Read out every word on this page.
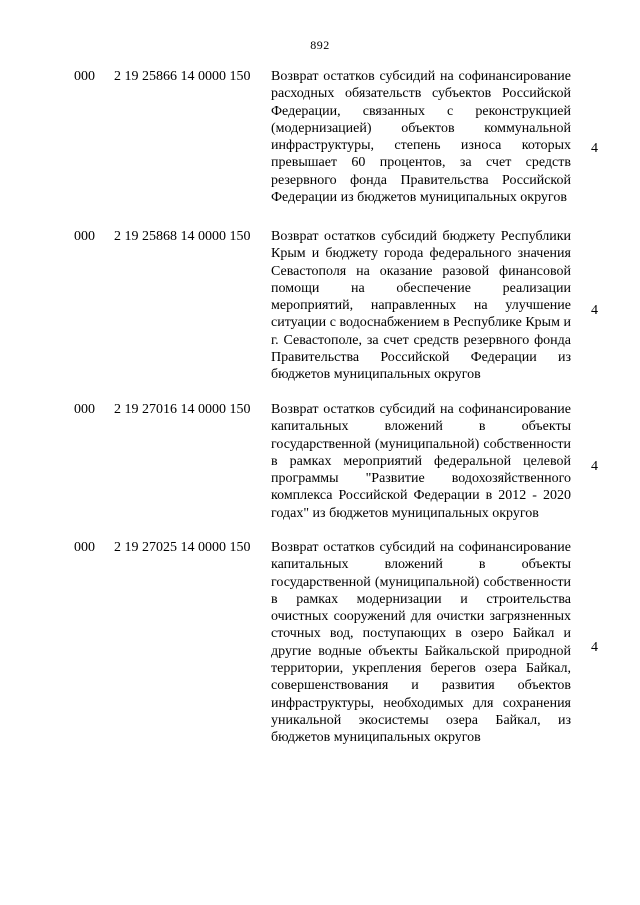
892
000 2 19 25866 14 0000 150 Возврат остатков субсидий на софинансирование расходных обязательств субъектов Российской Федерации, связанных с реконструкцией (модернизацией) объектов коммунальной инфраструктуры, степень износа которых превышает 60 процентов, за счет средств резервного фонда Правительства Российской Федерации из бюджетов муниципальных округов
4
000 2 19 25868 14 0000 150 Возврат остатков субсидий бюджету Республики Крым и бюджету города федерального значения Севастополя на оказание разовой финансовой помощи на обеспечение реализации мероприятий, направленных на улучшение ситуации с водоснабжением в Республике Крым и г. Севастополе, за счет средств резервного фонда Правительства Российской Федерации из бюджетов муниципальных округов
4
000 2 19 27016 14 0000 150 Возврат остатков субсидий на софинансирование капитальных вложений в объекты государственной (муниципальной) собственности в рамках мероприятий федеральной целевой программы "Развитие водохозяйственного комплекса Российской Федерации в 2012 - 2020 годах" из бюджетов муниципальных округов
4
000 2 19 27025 14 0000 150 Возврат остатков субсидий на софинансирование капитальных вложений в объекты государственной (муниципальной) собственности в рамках модернизации и строительства очистных сооружений для очистки загрязненных сточных вод, поступающих в озеро Байкал и другие водные объекты Байкальской природной территории, укрепления берегов озера Байкал, совершенствования и развития объектов инфраструктуры, необходимых для сохранения уникальной экосистемы озера Байкал, из бюджетов муниципальных округов
4
